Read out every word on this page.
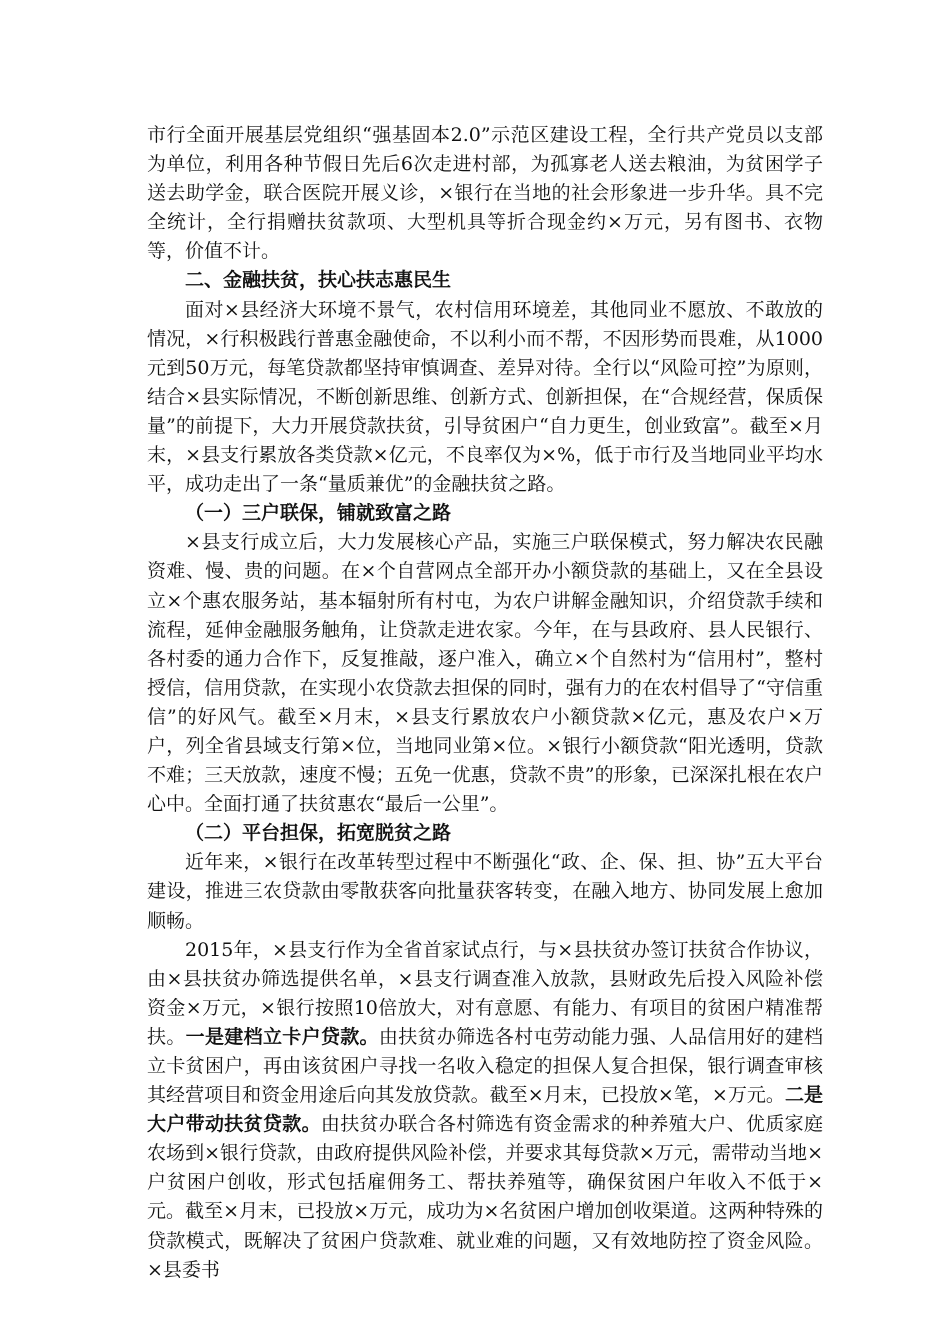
市行全面开展基层党组织“强基固本2.0”示范区建设工程，全行共产党员以支部为单位，利用各种节假日先后6次走进村部，为孤寡老人送去粮油，为贫困学子送去助学金，联合医院开展义诊，×银行在当地的社会形象进一步升华。具不完全统计，全行捐赠扶贫款项、大型机具等折合现金约×万元，另有图书、衣物等，价值不计。

二、金融扶贫，扶心扶志惠民生

面对×县经济大环境不景气，农村信用环境差，其他同业不愿放、不敢放的情况，×行积极践行普惠金融使命，不以利小而不帮，不因形势而畏难，从1000元到50万元，每笔贷款都坚持审慎调查、差异对待。全行以“风险可控”为原则，结合×县实际情况，不断创新思维、创新方式、创新担保，在“合规经营，保质保量”的前提下，大力开展贷款扶贫，引导贫困户“自力更生，创业致富”。截至×月末，×县支行累放各类贷款×亿元，不良率仅为×%，低于市行及当地同业平均水平，成功走出了一条“量质兼优”的金融扶贫之路。

（一）三户联保，铺就致富之路

×县支行成立后，大力发展核心产品，实施三户联保模式，努力解决农民融资难、慢、贵的问题。在×个自营网点全部开办小额贷款的基础上，又在全县设立×个惠农服务站，基本辐射所有村屯，为农户讲解金融知识，介绍贷款手续和流程，延伸金融服务触角，让贷款走进农家。今年，在与县政府、县人民银行、各村委的通力合作下，反复推敲，逐户准入，确立×个自然村为“信用村”，整村授信，信用贷款，在实现小农贷款去担保的同时，强有力的在农村倡导了“守信重信”的好风气。截至×月末，×县支行累放农户小额贷款×亿元，惠及农户×万户，列全省县域支行第×位，当地同业第×位。×银行小额贷款“阳光透明，贷款不难；三天放款，速度不慢；五免一优惠，贷款不贵”的形象，已深深扎根在农户心中。全面打通了扶贫惠农“最后一公里”。

（二）平台担保，拓宽脱贫之路

近年来，×银行在改革转型过程中不断强化“政、企、保、担、协”五大平台建设，推进三农贷款由零散获客向批量获客转变，在融入地方、协同发展上愈加顺畅。

2015年，×县支行作为全省首家试点行，与×县扶贫办签订扶贫合作协议，由×县扶贫办筛选提供名单，×县支行调查准入放款，县财政先后投入风险补偿资金×万元，×银行按照10倍放大，对有意愿、有能力、有项目的贫困户精准帮扶。一是建档立卡户贷款。由扶贫办筛选各村屯劳动能力强、人品信用好的建档立卡贫困户，再由该贫困户寻找一名收入稳定的担保人复合担保，银行调查审核其经营项目和资金用途后向其发放贷款。截至×月末，已投放×笔，×万元。二是大户带动扶贫贷款。由扶贫办联合各村筛选有资金需求的种养殖大户、优质家庭农场到×银行贷款，由政府提供风险补偿，并要求其每贷款×万元，需带动当地×户贫困户创收，形式包括雇佣务工、帮扶养殖等，确保贫困户年收入不低于×元。截至×月末，已投放×万元，成功为×名贫困户增加创收渠道。这两种特殊的贷款模式，既解决了贫困户贷款难、就业难的问题，又有效地防控了资金风险。×县委书
